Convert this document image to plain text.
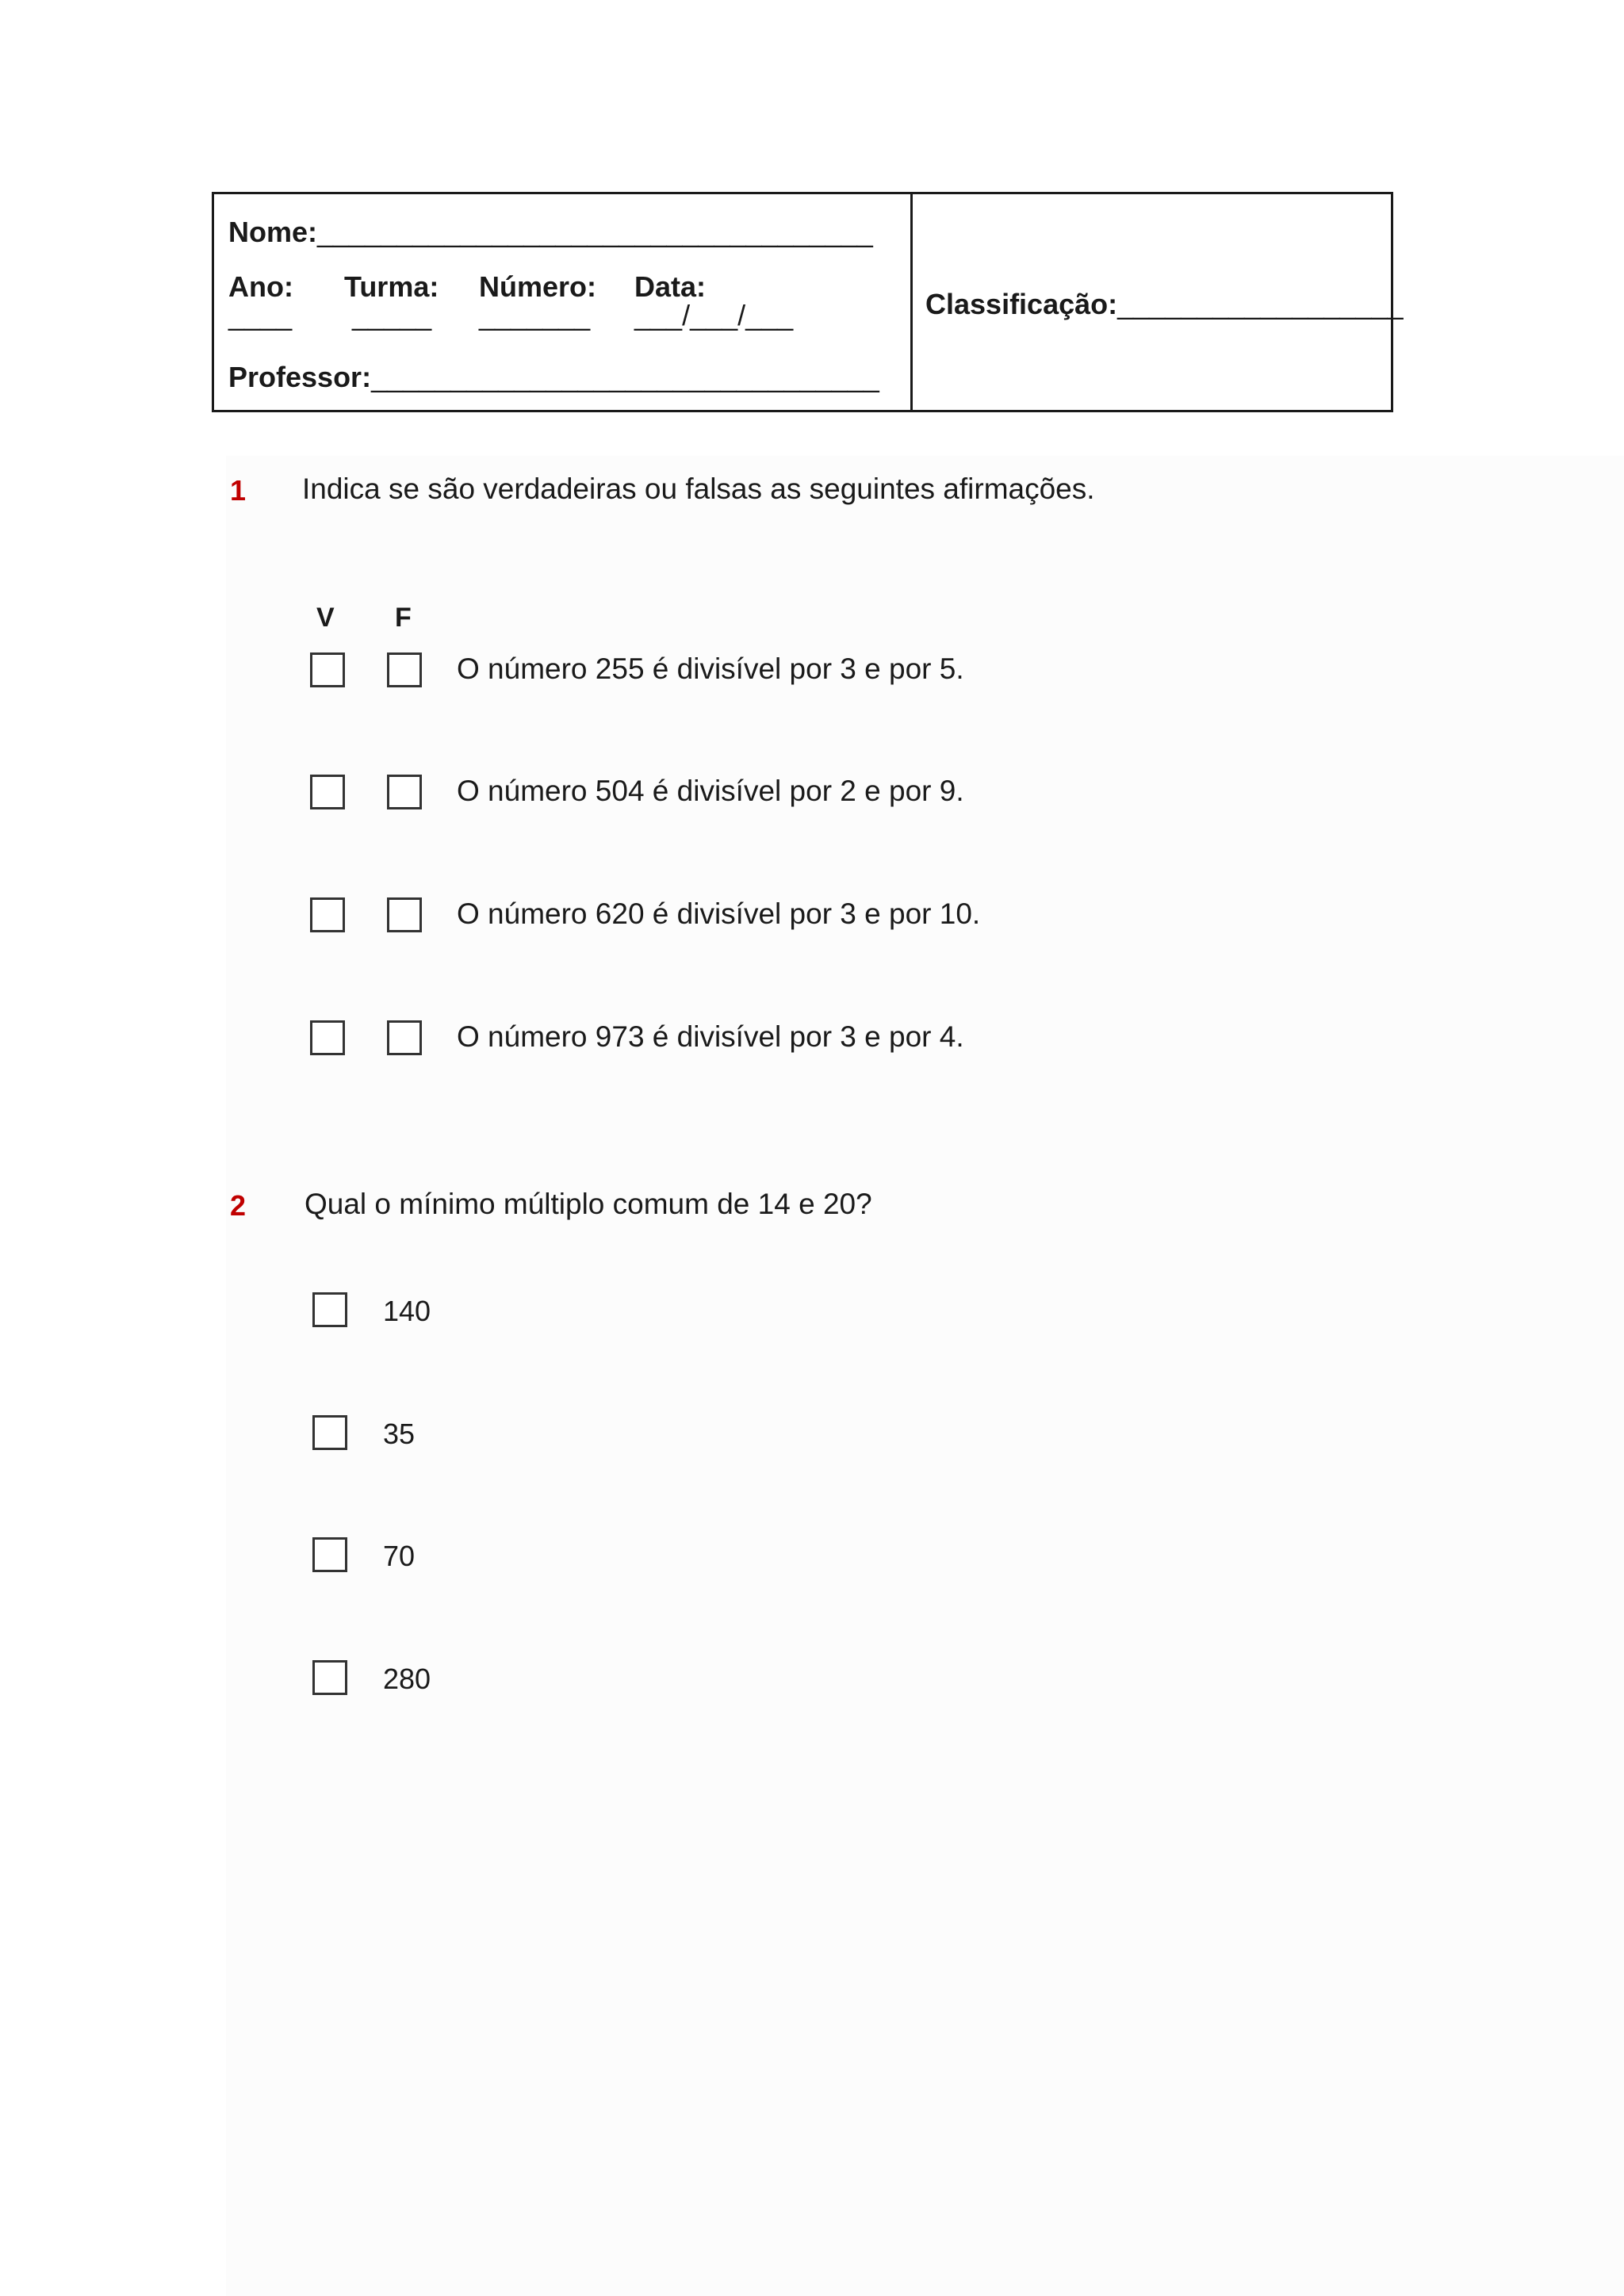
Nome:___________________________________
Ano:
____
Turma:
_____
Número:
_______
Data:
___/___/___
Professor:________________________________
Classificação:__________________
1 Indica se são verdadeiras ou falsas as seguintes afirmações.
V F
O número 255 é divisível por 3 e por 5.
O número 504 é divisível por 2 e por 9.
O número 620 é divisível por 3 e por 10.
O número 973 é divisível por 3 e por 4.
2 Qual o mínimo múltiplo comum de 14 e 20?
140
35
70
280
